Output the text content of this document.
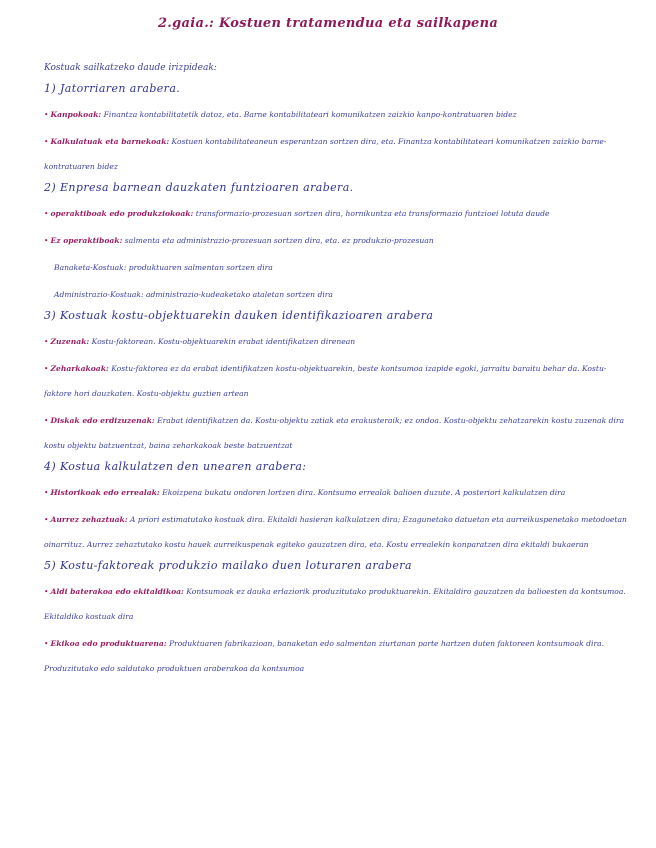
2.gaia.: Kostuen tratamendua eta sailkapena
Kostuak sailkatzeko daude irizpideak:
1) Jatorriaren arabera.
• Kanpokoak: Finantza kontabilitatetik datoz, eta. Barne kontabilitateari komunikatzen zaizkio kanpo-kontratuaren bidez
• Kalkulatuak eta barnekoak: Kostuen kontabilitateaneun esperantzan sortzen dira, eta. Finantza kontabilitateari komunikatzen zaizkio barne-kontratuaren bidez
2) Enpresa barnean dauzkaten funtzioaren arabera.
• operaktiboak edo produkziokoak: transformazio-prozesuan sortzen dira, hornikuntza eta transformazio funtzioei lotuta daude
• Ez operaktiboak: salmenta eta administrazio-prozesuan sortzen dira, eta. ez produkzio-prozesuan
Banaketa-Kostuak: produktuaren salmentan sortzen dira
Administrazio-Kostuak: administrazio-kudeaketako ataletan sortzen dira
3) Kostuak kostu-objektuarekin dauken identifikazioaren arabera
• Zuzenak: Kostu-faktorean. Kostu-objektuarekin erabat identifikatzen direnean
• Zeharkakoak: Kostu-faktorea ez da erabat identifikatzen kostu-objektuarekin, beste kontsumoa izapide egoki, jarraitu baraitu behar da. Kostu-faktore hori dauzkaten. Kostu-objektu guztien artean
• Diskak edo erdizuzenak: Erabat identifikatzen da. Kostu-objektu zatiak eta erakusteraik; ez ondoa. Kostu-objektu zehatzarekin kostu zuzenak dira kostu objektu batzuentzat, baina zeharkakoak beste batzuentzat
4) Kostua kalkulatzen den unearen arabera:
• Historikoak edo errealak: Ekoizpena bukatu ondoren lortzen dira. Kontsumo errealak balioen duzute. A posteriori kalkulatzen dira
• Aurrez zehaztuak: A priori estimatutako kostuak dira. Ekitaldi hasieran kalkulatzen dira; Ezagunetako datuetan eta aurreikuspenetako metodoetan oinarrituz. Aurrez zehaztutako kostu hauek aurreikuspenak egiteko gauzatzen dira, eta. Kostu errealekin konparatzen dira ekitaldi bukaeran
5) Kostu-faktoreak produkzio mailako duen loturaren arabera
• Aldi baterakoa edo ekitaldikoa: Kontsumoak ez dauka erlaziorik produzitutako produktuarekin. Ekitaldiro gauzatzen da balioesten da kontsumoa. Ekitaldiko kostuak dira
• Ekikoa edo produktuarena: Produktuaren fabrikazioan, banaketan edo salmentan ziurtanan parte hartzen duten faktoreen kontsumoak dira. Produzitutako edo saldutako produktuen araberakoa da kontsumoa
